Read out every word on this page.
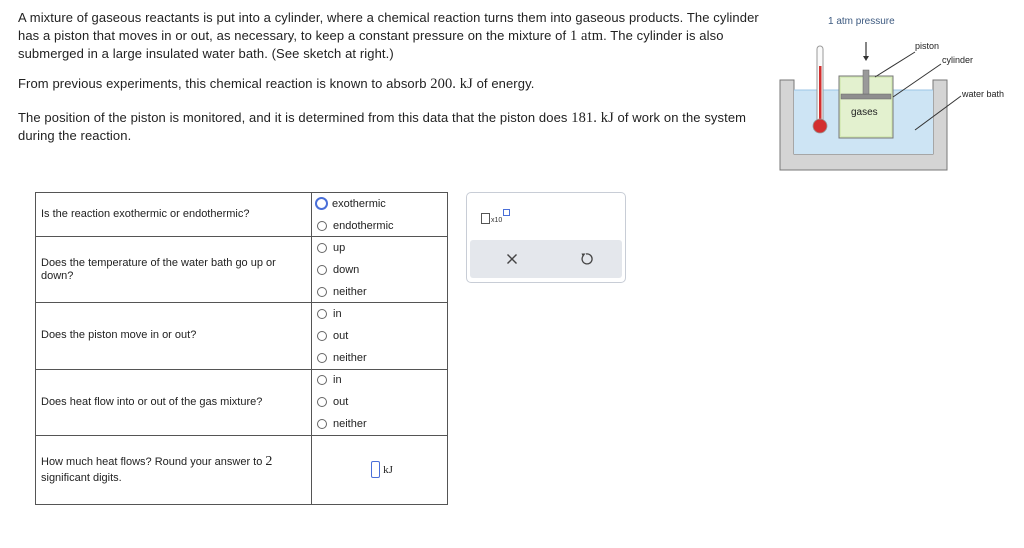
A mixture of gaseous reactants is put into a cylinder, where a chemical reaction turns them into gaseous products. The cylinder has a piston that moves in or out, as necessary, to keep a constant pressure on the mixture of 1 atm. The cylinder is also submerged in a large insulated water bath. (See sketch at right.)
From previous experiments, this chemical reaction is known to absorb 200. kJ of energy.
The position of the piston is monitored, and it is determined from this data that the piston does 181. kJ of work on the system during the reaction.
1 atm pressure
piston
cylinder
water bath
gases
Is the reaction exothermic or endothermic?	exothermic
endothermic

Does the temperature of the water bath go up or down?	up
down
neither

Does the piston move in or out?	in
out
neither

Does heat flow into or out of the gas mixture?	in
out
neither

How much heat flows? Round your answer to 2
significant digits.	kJ
x10
